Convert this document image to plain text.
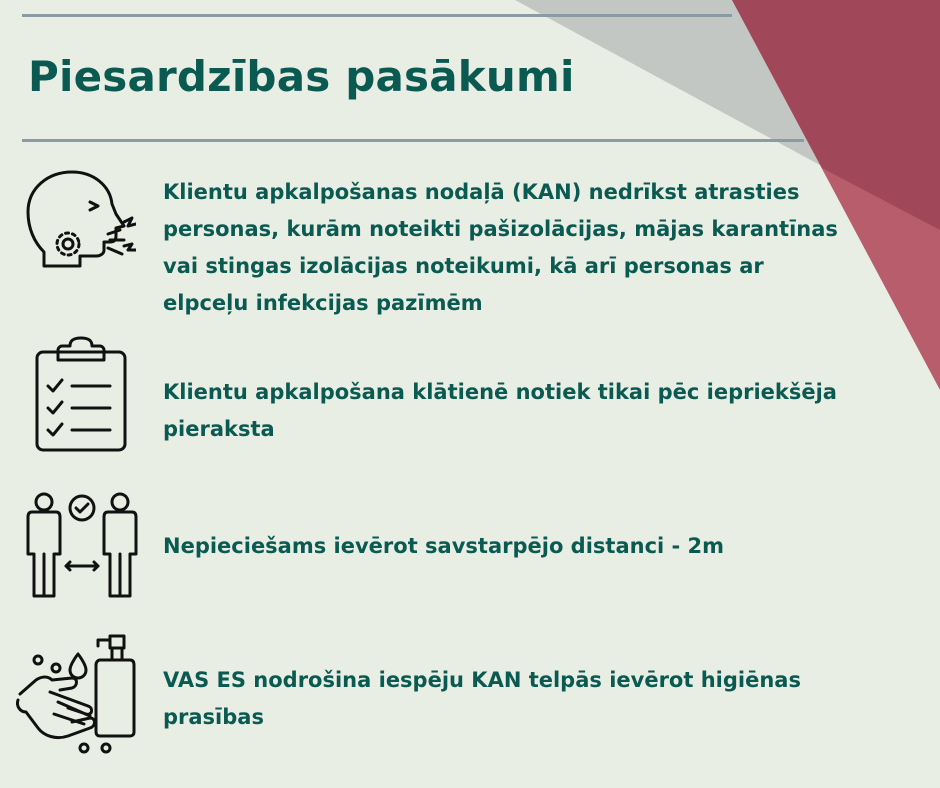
Piesardzības pasākumi

Klientu apkalpošanas nodaļā (KAN) nedrīkst atrasties personas, kurām noteikti pašizolācijas, mājas karantīnas vai stingas izolācijas noteikumi, kā arī personas ar elpceļu infekcijas pazīmēm

Klientu apkalpošana klātienē notiek tikai pēc iepriekšēja pieraksta

Nepieciešams ievērot savstarpējo distanci - 2m

VAS ES nodrošina iespēju KAN telpās ievērot higiēnas prasības
